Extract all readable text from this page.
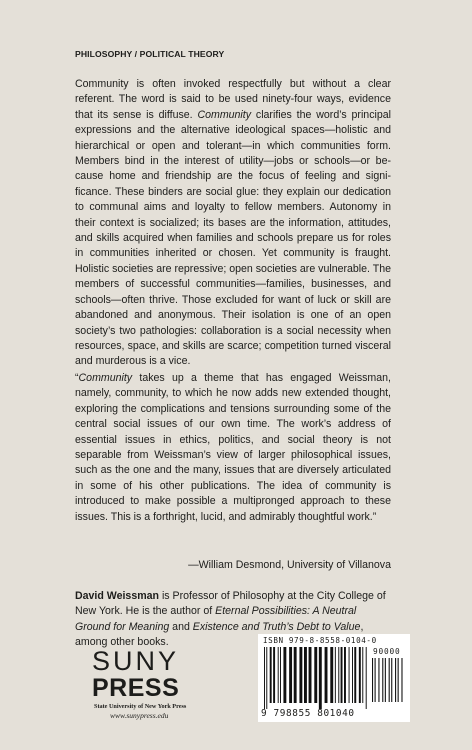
PHILOSOPHY / POLITICAL THEORY

Community is often invoked respectfully but without a clear referent. The word is said to be used ninety-four ways, evidence that its sense is diffuse. Community clarifies the word’s principal expressions and the alternative ideological spaces—holistic and hierarchical or open and tolerant—in which communities form. Members bind in the interest of utility—jobs or schools—or because home and friendship are the focus of feeling and significance. These binders are social glue: they explain our dedication to communal aims and loyalty to fellow members. Autonomy in their context is socialized; its bases are the information, attitudes, and skills acquired when families and schools prepare us for roles in communities inherited or chosen. Yet community is fraught. Holistic societies are repressive; open societies are vulnerable. The members of successful communities—families, businesses, and schools—often thrive. Those excluded for want of luck or skill are abandoned and anonymous. Their isolation is one of an open society’s two pathologies: collaboration is a social necessity when resources, space, and skills are scarce; competition turned visceral and murderous is a vice.

“Community takes up a theme that has engaged Weissman, namely, community, to which he now adds new extended thought, exploring the complications and tensions surrounding some of the central social issues of our own time. The work’s address of essential issues in ethics, politics, and social theory is not separable from Weissman’s view of larger philosophical issues, such as the one and the many, issues that are diversely articulated in some of his other publications. The idea of community is introduced to make possible a multipronged approach to these issues. This is a forthright, lucid, and admirably thoughtful work.”

—William Desmond, University of Villanova

David Weissman is Professor of Philosophy at the City College of New York. He is the author of Eternal Possibilities: A Neutral Ground for Meaning and Existence and Truth’s Debt to Value, among other books.

SUNY
PRESS
State University of New York Press
www.sunypress.edu
ISBN 979-8-8558-0104-0
90000
9 798855 801040
